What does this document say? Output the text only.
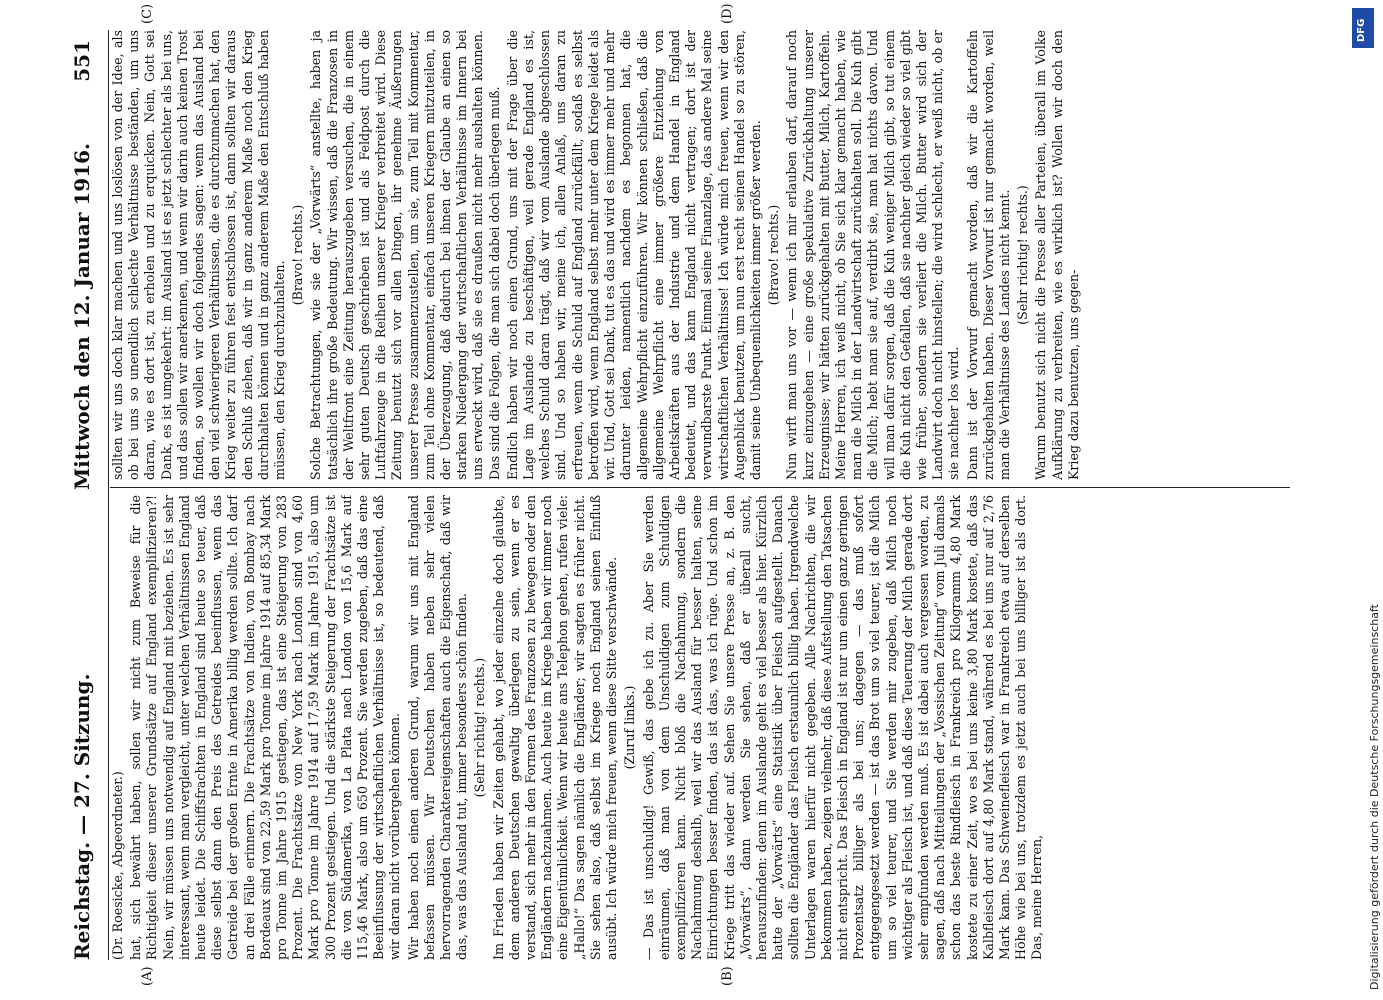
Reichstag. — 27. Sitzung.
Mittwoch den 12. Januar 1916.
551
(A)	(B)
(C)	(D)

(Dr. Roesicke, Abgeordneter.) hat, sich bewährt haben, sollen wir nicht zum Beweise für die Richtigkeit dieser unserer Grundsätze auf England exemplifizieren?! Nein, wir müssen uns notwendig auf England mit beziehen. Es ist sehr interessant, wenn man vergleicht, unter welchen Verhältnissen England heute leidet. Die Schiffsfrachten in England sind heute so teuer, daß diese selbst dann den Preis des Getreides beeinflussen, wenn das Getreide bei der großen Ernte in Amerika billig werden sollte. Ich darf an drei Fälle erinnern. Die Frachtsätze von Indien, von Bombay nach Bordeaux sind von 22,59 Mark pro Tonne im Jahre 1914 auf 85,34 Mark pro Tonne im Jahre 1915 gestiegen, das ist eine Steigerung von 283 Prozent. Die Frachtsätze von New York nach London sind von 4,60 Mark pro Tonne im Jahre 1914 auf 17,59 Mark im Jahre 1915, also um 300 Prozent gestiegen. Und die stärkste Steigerung der Frachtsätze ist die von Südamerika, von La Plata nach London von 15,6 Mark auf 115,46 Mark, also um 650 Prozent. Sie werden zugeben, daß das eine Beeinflussung der wirtschaftlichen Verhältnisse ist, so bedeutend, daß wir daran nicht vorübergehen können. Wir haben noch einen anderen Grund, warum wir uns mit England befassen müssen. Wir Deutschen haben neben sehr vielen hervorragenden Charaktereigenschaften auch die Eigenschaft, daß wir das, was das Ausland tut, immer besonders schön finden. (Sehr richtig! rechts.) Im Frieden haben wir Zeiten gehabt, wo jeder einzelne doch glaubte, dem anderen Deutschen gewaltig überlegen zu sein, wenn er es verstand, sich mehr in den Formen des Franzosen zu bewegen oder den Engländern nachzuahmen. Auch heute im Kriege haben wir immer noch eine Eigentümlichkeit. Wenn wir heute ans Telephon gehen, rufen viele: „Hallo!“ Das sagen nämlich die Engländer; wir sagten es früher nicht. Sie sehen also, daß selbst im Kriege noch England seinen Einfluß ausübt. Ich würde mich freuen, wenn diese Sitte verschwände. (Zuruf links.) — Das ist unschuldig! Gewiß, das gebe ich zu. Aber Sie werden einräumen, daß man von dem Unschuldigen zum Schuldigen exemplifizieren kann. Nicht bloß die Nachahmung, sondern die Nachahmung deshalb, weil wir das Ausland für besser halten, seine Einrichtungen besser finden, das ist das, was ich rüge. Und schon im Kriege tritt das wieder auf. Sehen Sie unsere Presse an, z. B. den „Vorwärts“, dann werden Sie sehen, daß er überall sucht, herauszufinden: denn im Auslande geht es viel besser als hier. Kürzlich hatte der „Vorwärts“ eine Statistik über Fleisch aufgestellt. Danach sollten die Engländer das Fleisch erstaunlich billig haben. Irgendwelche Unterlagen waren hierfür nicht gegeben. Alle Nachrichten, die wir bekommen haben, zeigen vielmehr, daß diese Aufstellung den Tatsachen nicht entspricht. Das Fleisch in England ist nur um einen ganz geringen Prozentsatz billiger als bei uns; dagegen — das muß sofort entgegengesetzt werden — ist das Brot um so viel teurer, ist die Milch um so viel teurer, und Sie werden mir zugeben, daß Milch noch wichtiger als Fleisch ist, und daß diese Teuerung der Milch gerade dort sehr empfunden werden muß. Es ist dabei auch vergessen worden, zu sagen, daß nach Mitteilungen der „Vossischen Zeitung“ vom Juli damals schon das beste Rindfleisch in Frankreich pro Kilogramm 4,80 Mark kostete zu einer Zeit, wo es bei uns keine 3,80 Mark kostete, daß das Kalbfleisch dort auf 4,80 Mark stand, während es bei uns nur auf 2,76 Mark kam. Das Schweinefleisch war in Frankreich etwa auf derselben Höhe wie bei uns, trotzdem es jetzt auch bei uns billiger ist als dort. Das, meine Herren,

sollten wir uns doch klar machen und uns loslösen von der Idee, als ob bei uns so unendlich schlechte Verhältnisse beständen, um uns daran, wie es dort ist, zu erholen und zu erquicken. Nein, Gott sei Dank, es ist umgekehrt: im Ausland ist es jetzt schlechter als bei uns, und das sollen wir anerkennen, und wenn wir darin auch keinen Trost finden, so wollen wir doch folgendes sagen: wenn das Ausland bei den viel schwierigeren Verhältnissen, die es durchzumachen hat, den Krieg weiter zu führen fest entschlossen ist, dann sollten wir daraus den Schluß ziehen, daß wir in ganz anderem Maße noch den Krieg durchhalten können und in ganz anderem Maße den Entschluß haben müssen, den Krieg durchzuhalten.

(Bravo! rechts.) Solche Betrachtungen, wie sie der „Vorwärts“ anstellte, haben ja tatsächlich ihre große Bedeutung. Wir wissen, daß die Franzosen in der Weltfront eine Zeitung herauszugeben versuchen, die in einem sehr guten Deutsch geschrieben ist und als Feldpost durch die Luftfahrzeuge in die Reihen unserer Krieger verbreitet wird. Diese Zeitung benutzt sich vor allen Dingen, ihr genehme Äußerungen unserer Presse zusammenzustellen, um sie, zum Teil mit Kommentar, zum Teil ohne Kommentar, einfach unseren Kriegern mitzuteilen, in der Überzeugung, daß dadurch bei ihnen der Glaube an einen so starken Niedergang der wirtschaftlichen Verhältnisse im Innern bei uns erweckt wird, daß sie es draußen nicht mehr aushalten können. Das sind die Folgen, die man sich dabei doch überlegen muß. Endlich haben wir noch einen Grund, uns mit der Frage über die Lage im Auslande zu beschäftigen, weil gerade England es ist, welches Schuld daran trägt, daß wir vom Auslande abgeschlossen sind. Und so haben wir, meine ich, allen Anlaß, uns daran zu erfreuen, wenn die Schuld auf England zurückfällt, sodaß es selbst betroffen wird, wenn England selbst mehr unter dem Kriege leidet als wir. Und, Gott sei Dank, tut es das und wird es immer mehr und mehr darunter leiden, namentlich nachdem es begonnen hat, die allgemeine Wehrpflicht einzuführen. Wir können schließen, daß die allgemeine Wehrpflicht eine immer größere Entziehung von Arbeitskräften aus der Industrie und dem Handel in England bedeutet, und das kann England nicht vertragen; dort ist der verwundbarste Punkt. Einmal seine Finanzlage, das andere Mal seine wirtschaftlichen Verhältnisse! Ich würde mich freuen, wenn wir den Augenblick benutzen, um nun erst recht seinen Handel so zu stören, damit seine Unbequemlichkeiten immer größer werden. (Bravo! rechts.) Nun wirft man uns vor — wenn ich mir erlauben darf, darauf noch kurz einzugehen — eine große spekulative Zurückhaltung unserer Erzeugnisse; wir hätten zurückgehalten mit Butter, Milch, Kartoffeln. Meine Herren, ich weiß nicht, ob Sie sich klar gemacht haben, wie man die Milch in der Landwirtschaft zurückhalten soll. Die Kuh gibt die Milch; hebt man sie auf, verdirbt sie, man hat nichts davon. Und will man dafür sorgen, daß die Kuh weniger Milch gibt, so tut einem die Kuh nicht den Gefallen, daß sie nachher gleich wieder so viel gibt wie früher, sondern sie verliert die Milch. Butter wird sich der Landwirt doch nicht hinstellen; die wird schlecht, er weiß nicht, ob er sie nachher los wird. Dann ist der Vorwurf gemacht worden, daß wir die Kartoffeln zurückgehalten haben. Dieser Vorwurf ist nur gemacht worden, weil man die Verhältnisse des Landes nicht kennt. (Sehr richtig! rechts.) Warum benutzt sich nicht die Presse aller Parteien, überall im Volke Aufklärung zu verbreiten, wie es wirklich ist? Wollen wir doch den Krieg dazu benutzen, uns gegen-

DFG
Digitalisierung gefördert durch die Deutsche Forschungsgemeinschaft
